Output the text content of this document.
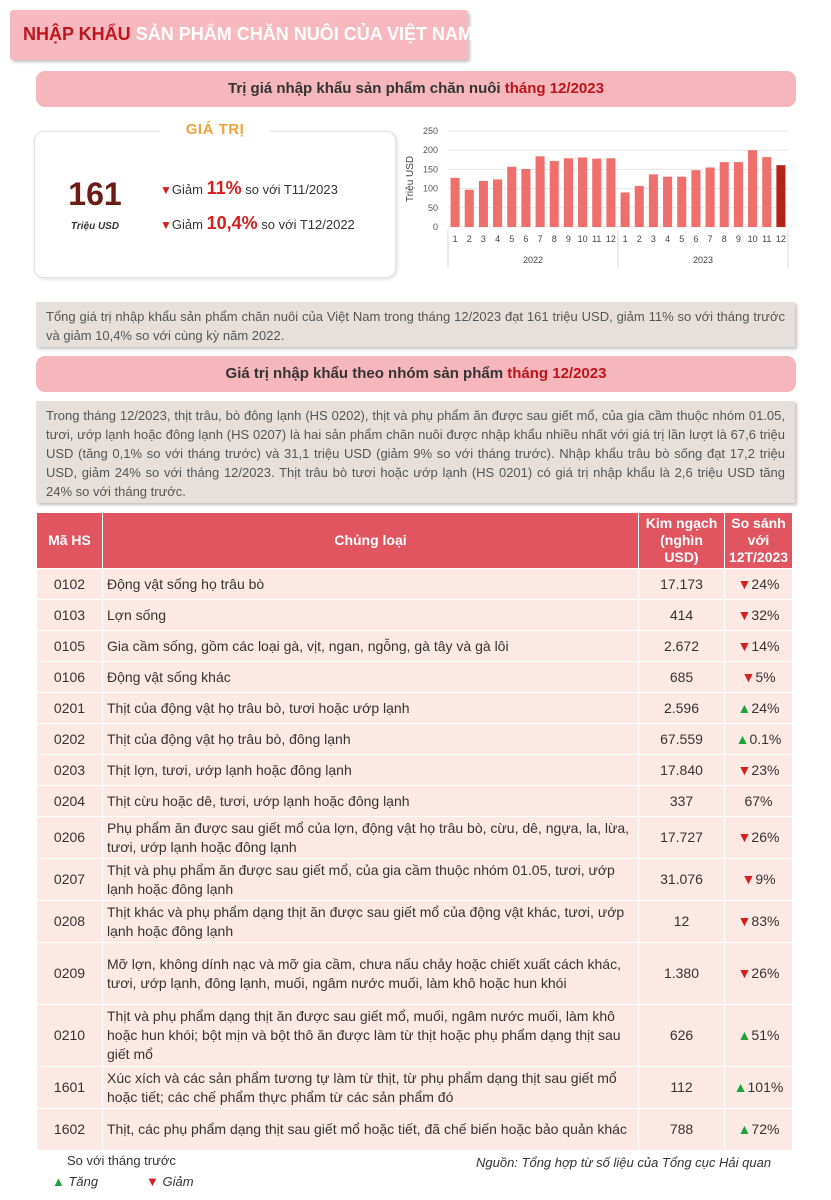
NHẬP KHẨU SẢN PHẨM CHĂN NUÔI CỦA VIỆT NAM
Trị giá nhập khẩu sản phẩm chăn nuôi tháng 12/2023
GIÁ TRỊ
161
Triệu USD
▼Giảm 11% so với T11/2023
▼Giảm 10,4% so với T12/2022	0
50
100
150
200
250
Triệu USD
1 2 3 4 5 6 7 8 9 10 11 12 1 2 3 4 5 6 7 8 9 10 11 12
2022	2023
Tổng giá trị nhập khẩu sản phẩm chăn nuôi của Việt Nam trong tháng 12/2023 đạt 161 triệu USD, giảm 11% so với tháng trước và giảm 10,4% so với cùng kỳ năm 2022.
Giá trị nhập khẩu theo nhóm sản phẩm tháng 12/2023
Trong tháng 12/2023, thịt trâu, bò đông lạnh (HS 0202), thịt và phụ phẩm ăn được sau giết mổ, của gia cầm thuộc nhóm 01.05, tươi, ướp lạnh hoặc đông lạnh (HS 0207) là hai sản phẩm chăn nuôi được nhập khẩu nhiều nhất với giá trị lần lượt là 67,6 triệu USD (tăng 0,1% so với tháng trước) và 31,1 triệu USD (giảm 9% so với tháng trước). Nhập khẩu trâu bò sống đạt 17,2 triệu USD, giảm 24% so với tháng 12/2023. Thịt trâu bò tươi hoặc ướp lạnh (HS 0201) có giá trị nhập khẩu là 2,6 triệu USD tăng 24% so với tháng trước.
Mã HS	Chủng loại	Kim ngạch (nghìn USD)	So sánh với 12T/2023
0102	Động vật sống họ trâu bò	17.173	▼24%
0103	Lợn sống	414	▼32%
0105	Gia cầm sống, gồm các loại gà, vịt, ngan, ngỗng, gà tây và gà lôi	2.672	▼14%
0106	Động vật sống khác	685	▼5%
0201	Thịt của động vật họ trâu bò, tươi hoặc ướp lạnh	2.596	▲24%
0202	Thịt của động vật họ trâu bò, đông lạnh	67.559	▲0.1%
0203	Thịt lợn, tươi, ướp lạnh hoặc đông lạnh	17.840	▼23%
0204	Thịt cừu hoặc dê, tươi, ướp lạnh hoặc đông lạnh	337	67%
0206	Phụ phẩm ăn được sau giết mổ của lợn, động vật họ trâu bò, cừu, dê, ngựa, la, lừa, tươi, ướp lạnh hoặc đông lạnh	17.727	▼26%
0207	Thịt và phụ phẩm ăn được sau giết mổ, của gia cầm thuộc nhóm 01.05, tươi, ướp lạnh hoặc đông lạnh	31.076	▼9%
0208	Thịt khác và phụ phẩm dạng thịt ăn được sau giết mổ của động vật khác, tươi, ướp lạnh hoặc đông lạnh	12	▼83%
0209	Mỡ lợn, không dính nạc và mỡ gia cầm, chưa nấu chảy hoặc chiết xuất cách khác, tươi, ướp lạnh, đông lạnh, muối, ngâm nước muối, làm khô hoặc hun khói	1.380	▼26%
0210	Thịt và phụ phẩm dạng thịt ăn được sau giết mổ, muối, ngâm nước muối, làm khô hoặc hun khói; bột mịn và bột thô ăn được làm từ thịt hoặc phụ phẩm dạng thịt sau giết mổ	626	▲51%
1601	Xúc xích và các sản phẩm tương tự làm từ thịt, từ phụ phẩm dạng thịt sau giết mổ hoặc tiết; các chế phẩm thực phẩm từ các sản phẩm đó	112	▲101%
1602	Thịt, các phụ phẩm dạng thịt sau giết mổ hoặc tiết, đã chế biến hoặc bảo quản khác	788	▲72%
So với tháng trước
▲ Tăng	▼ Giảm
Nguồn: Tổng hợp từ số liệu của Tổng cục Hải quan
